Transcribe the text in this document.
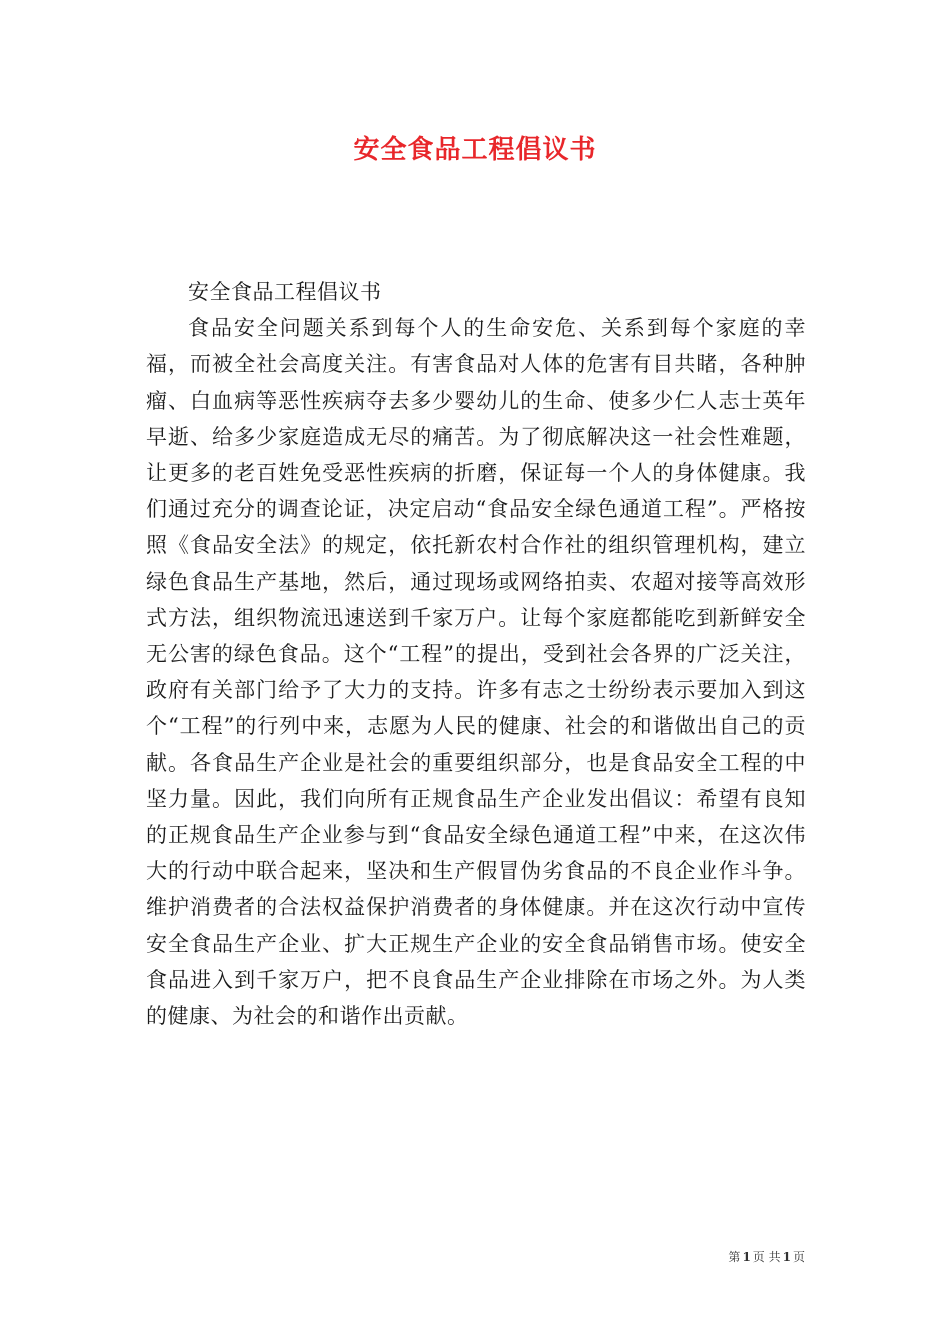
安全食品工程倡议书

安全食品工程倡议书

食品安全问题关系到每个人的生命安危、关系到每个家庭的幸福，而被全社会高度关注。有害食品对人体的危害有目共睹，各种肿瘤、白血病等恶性疾病夺去多少婴幼儿的生命、使多少仁人志士英年早逝、给多少家庭造成无尽的痛苦。为了彻底解决这一社会性难题，让更多的老百姓免受恶性疾病的折磨，保证每一个人的身体健康。我们通过充分的调查论证，决定启动“食品安全绿色通道工程”。严格按照《食品安全法》的规定，依托新农村合作社的组织管理机构，建立绿色食品生产基地，然后，通过现场或网络拍卖、农超对接等高效形式方法，组织物流迅速送到千家万户。让每个家庭都能吃到新鲜安全无公害的绿色食品。这个“工程”的提出，受到社会各界的广泛关注，政府有关部门给予了大力的支持。许多有志之士纷纷表示要加入到这个“工程”的行列中来，志愿为人民的健康、社会的和谐做出自己的贡献。各食品生产企业是社会的重要组织部分，也是食品安全工程的中坚力量。因此，我们向所有正规食品生产企业发出倡议：希望有良知的正规食品生产企业参与到“食品安全绿色通道工程”中来，在这次伟大的行动中联合起来，坚决和生产假冒伪劣食品的不良企业作斗争。维护消费者的合法权益保护消费者的身体健康。并在这次行动中宣传安全食品生产企业、扩大正规生产企业的安全食品销售市场。使安全食品进入到千家万户，把不良食品生产企业排除在市场之外。为人类的健康、为社会的和谐作出贡献。

第 1 页 共 1 页
